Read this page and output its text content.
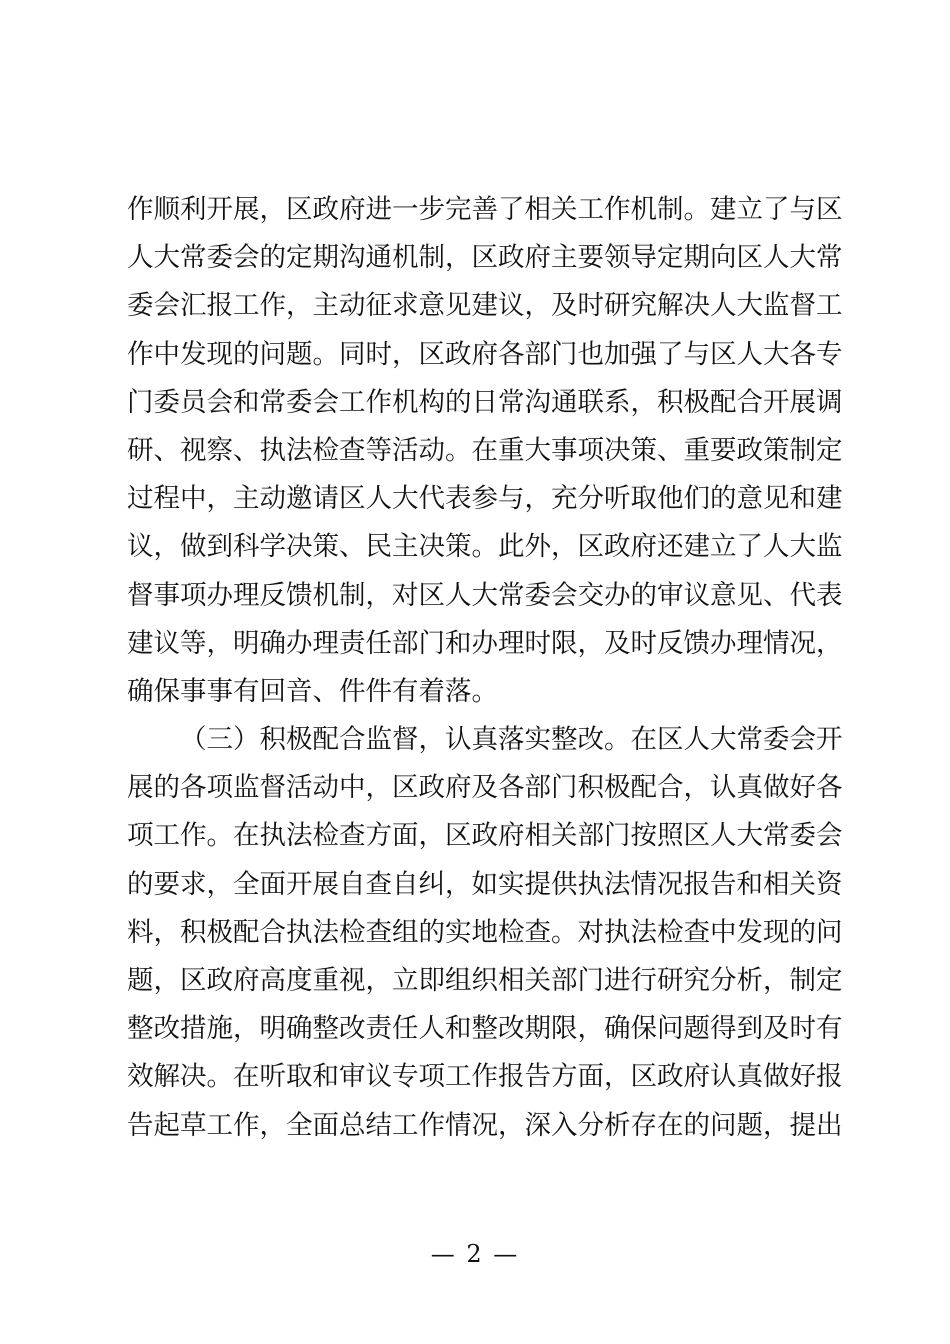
作顺利开展，区政府进一步完善了相关工作机制。建立了与区
人大常委会的定期沟通机制，区政府主要领导定期向区人大常
委会汇报工作，主动征求意见建议，及时研究解决人大监督工
作中发现的问题。同时，区政府各部门也加强了与区人大各专
门委员会和常委会工作机构的日常沟通联系，积极配合开展调
研、视察、执法检查等活动。在重大事项决策、重要政策制定
过程中，主动邀请区人大代表参与，充分听取他们的意见和建
议，做到科学决策、民主决策。此外，区政府还建立了人大监
督事项办理反馈机制，对区人大常委会交办的审议意见、代表
建议等，明确办理责任部门和办理时限，及时反馈办理情况，
确保事事有回音、件件有着落。
（三）积极配合监督，认真落实整改。在区人大常委会开
展的各项监督活动中，区政府及各部门积极配合，认真做好各
项工作。在执法检查方面，区政府相关部门按照区人大常委会
的要求，全面开展自查自纠，如实提供执法情况报告和相关资
料，积极配合执法检查组的实地检查。对执法检查中发现的问
题，区政府高度重视，立即组织相关部门进行研究分析，制定
整改措施，明确整改责任人和整改期限，确保问题得到及时有
效解决。在听取和审议专项工作报告方面，区政府认真做好报
告起草工作，全面总结工作情况，深入分析存在的问题，提出
— 2 —
